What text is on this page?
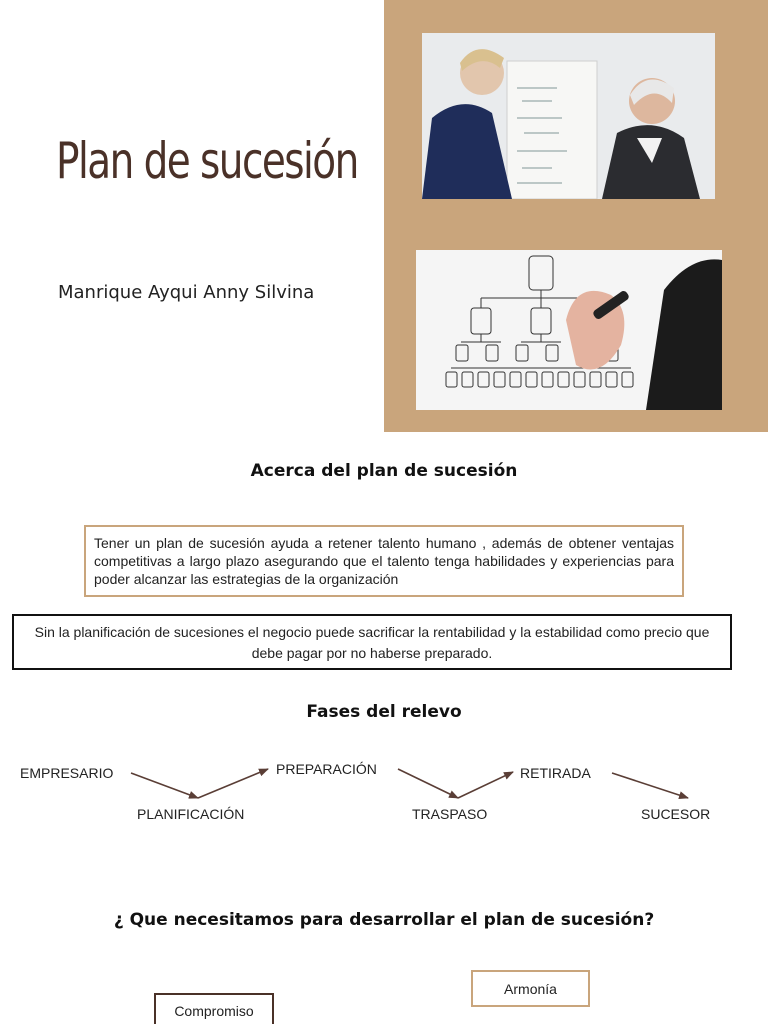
Plan de sucesión
Manrique Ayqui Anny Silvina
Acerca del plan de sucesión
Tener un plan de sucesión ayuda a retener talento humano , además de obtener ventajas competitivas a largo plazo asegurando que el talento tenga habilidades y experiencias para poder alcanzar las estrategias de la organización
Sin la planificación de sucesiones el negocio puede sacrificar la rentabilidad y la estabilidad como precio que debe pagar por no haberse preparado.
Fases del relevo
EMPRESARIO
PLANIFICACIÓN
PREPARACIÓN
TRASPASO
RETIRADA
SUCESOR
¿ Que necesitamos para desarrollar el plan de sucesión?
Compromiso
Armonía
